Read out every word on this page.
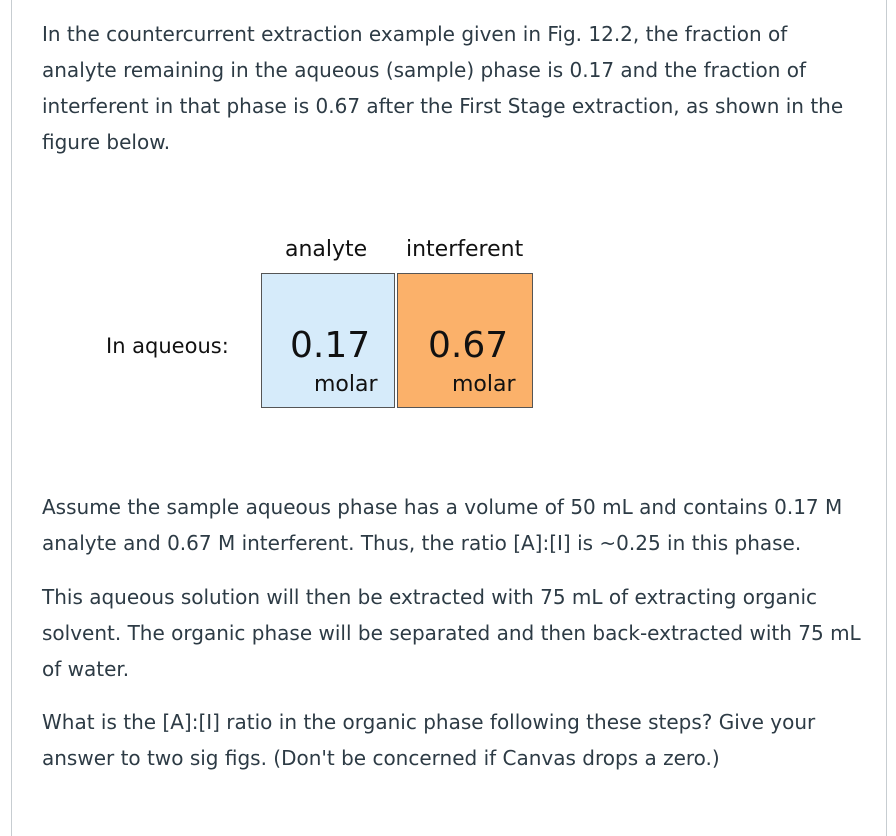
In the countercurrent extraction example given in Fig. 12.2, the fraction of analyte remaining in the aqueous (sample) phase is 0.17 and the fraction of interferent in that phase is 0.67 after the First Stage extraction, as shown in the figure below.

analyte interferent
In aqueous: 0.17
molar
0.67
molar

Assume the sample aqueous phase has a volume of 50 mL and contains 0.17 M analyte and 0.67 M interferent. Thus, the ratio [A]:[I] is ~0.25 in this phase.

This aqueous solution will then be extracted with 75 mL of extracting organic solvent. The organic phase will be separated and then back-extracted with 75 mL of water.

What is the [A]:[I] ratio in the organic phase following these steps? Give your answer to two sig figs. (Don't be concerned if Canvas drops a zero.)
